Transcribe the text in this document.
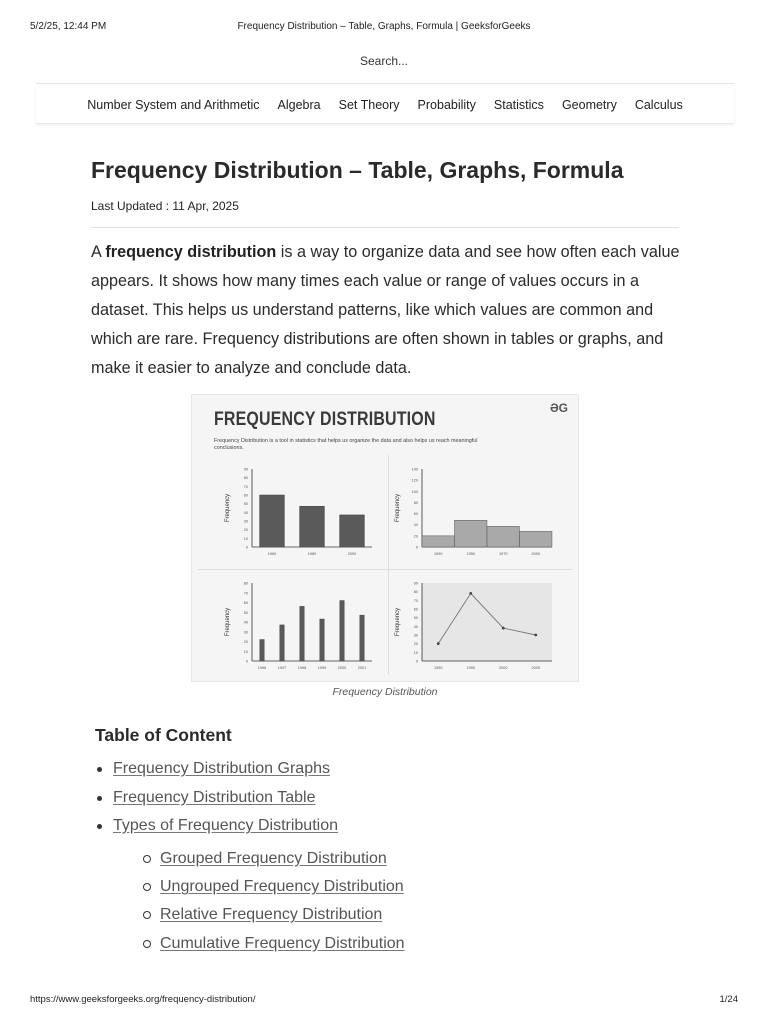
5/2/25, 12:44 PM	Frequency Distribution – Table, Graphs, Formula | GeeksforGeeks
Search...
Number System and Arithmetic Algebra Set Theory Probability Statistics Geometry Calculus
Frequency Distribution – Table, Graphs, Formula
Last Updated : 11 Apr, 2025

A frequency distribution is a way to organize data and see how often each value appears. It shows how many times each value or range of values occurs in a dataset. This helps us understand patterns, like which values are common and which are rare. Frequency distributions are often shown in tables or graphs, and make it easier to analyze and conclude data.

FREQUENCY DISTRIBUTION
ƏG
Frequency Distribution is a tool in statistics that helps us organize the data and also helps us reach meaningful conclusions.
Frequency
0
10
20
30
40
50
60
70
80
90
1960	1980	2000
Frequency
0
20
40
60
80
100
120
140
1990	1950	1970	2000
Frequency
0
10
20
30
40
50
60
70
80
1996	1997	1998	1999	2000	2001
Frequency
0
10
20
30
40
50
60
70
80
90
1990	1995	2000	2005
Frequency Distribution
Table of Content
Frequency Distribution Graphs
Frequency Distribution Table
Types of Frequency Distribution
Grouped Frequency Distribution
Ungrouped Frequency Distribution
Relative Frequency Distribution
Cumulative Frequency Distribution
https://www.geeksforgeeks.org/frequency-distribution/	1/24
